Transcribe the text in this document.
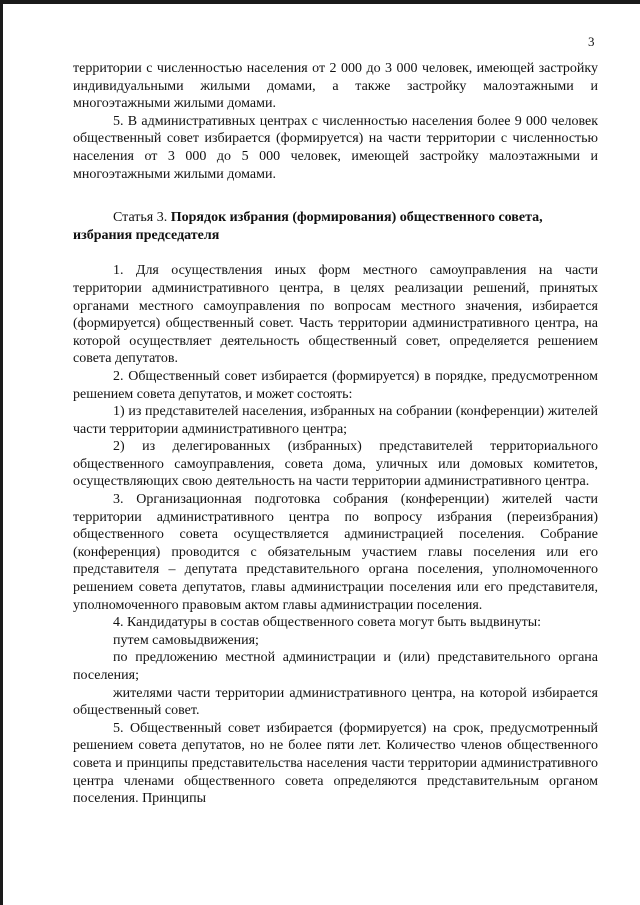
3

территории с численностью населения от 2 000 до 3 000 человек, имеющей застройку индивидуальными жилыми домами, а также застройку малоэтажными и многоэтажными жилыми домами.

5. В административных центрах с численностью населения более 9 000 человек общественный совет избирается (формируется) на части территории с численностью населения от 3 000 до 5 000 человек, имеющей застройку малоэтажными и многоэтажными жилыми домами.

Статья 3. Порядок избрания (формирования) общественного совета, избрания председателя

1. Для осуществления иных форм местного самоуправления на части территории административного центра, в целях реализации решений, принятых органами местного самоуправления по вопросам местного значения, избирается (формируется) общественный совет. Часть территории административного центра, на которой осуществляет деятельность общественный совет, определяется решением совета депутатов.

2. Общественный совет избирается (формируется) в порядке, предусмотренном решением совета депутатов, и может состоять:

1) из представителей населения, избранных на собрании (конференции) жителей части территории административного центра;

2) из делегированных (избранных) представителей территориального общественного самоуправления, совета дома, уличных или домовых комитетов, осуществляющих свою деятельность на части территории административного центра.

3. Организационная подготовка собрания (конференции) жителей части территории административного центра по вопросу избрания (переизбрания) общественного совета осуществляется администрацией поселения. Собрание (конференция) проводится с обязательным участием главы поселения или его представителя – депутата представительного органа поселения, уполномоченного решением совета депутатов, главы администрации поселения или его представителя, уполномоченного правовым актом главы администрации поселения.

4. Кандидатуры в состав общественного совета могут быть выдвинуты:

путем самовыдвижения;

по предложению местной администрации и (или) представительного органа поселения;

жителями части территории административного центра, на которой избирается общественный совет.

5. Общественный совет избирается (формируется) на срок, предусмотренный решением совета депутатов, но не более пяти лет. Количество членов общественного совета и принципы представительства населения части территории административного центра членами общественного совета определяются представительным органом поселения. Принципы
